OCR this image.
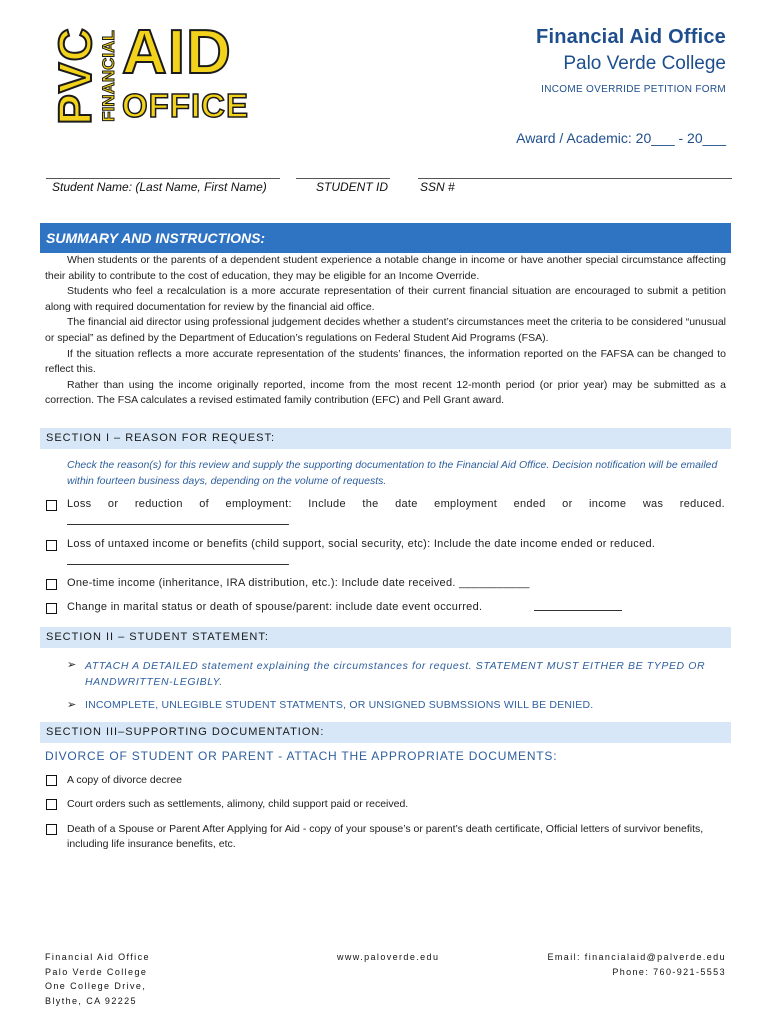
PVC
FINANCIAL AID
OFFICE
Financial Aid Office
Palo Verde College
INCOME OVERRIDE PETITION FORM
Award / Academic: 20___ - 20___
Student Name: (Last Name, First Name)	STUDENT ID	SSN #
SUMMARY AND INSTRUCTIONS:

When students or the parents of a dependent student experience a notable change in income or have another special circumstance affecting their ability to contribute to the cost of education, they may be eligible for an Income Override.

Students who feel a recalculation is a more accurate representation of their current financial situation are encouraged to submit a petition along with required documentation for review by the financial aid office.

The financial aid director using professional judgement decides whether a student’s circumstances meet the criteria to be considered “unusual or special” as defined by the Department of Education’s regulations on Federal Student Aid Programs (FSA).

If the situation reflects a more accurate representation of the students’ finances, the information reported on the FAFSA can be changed to reflect this.

Rather than using the income originally reported, income from the most recent 12-month period (or prior year) may be submitted as a correction. The FSA calculates a revised estimated family contribution (EFC) and Pell Grant award.

SECTION I – REASON FOR REQUEST:
Check the reason(s) for this review and supply the supporting documentation to the Financial Aid Office. Decision notification will be emailed within fourteen business days, depending on the volume of requests.
Loss or reduction of employment: Include the date employment ended or income was reduced.
Loss of untaxed income or benefits (child support, social security, etc): Include the date income ended or reduced.
One-time income (inheritance, IRA distribution, etc.): Include date received. ___________
Change in marital status or death of spouse/parent: include date event occurred.
SECTION II – STUDENT STATEMENT:
➢ ATTACH A DETAILED statement explaining the circumstances for request. STATEMENT MUST EITHER BE TYPED OR HANDWRITTEN-LEGIBLY.
➢ INCOMPLETE, UNLEGIBLE STUDENT STATMENTS, OR UNSIGNED SUBMSSIONS WILL BE DENIED.
SECTION III–SUPPORTING DOCUMENTATION:
DIVORCE OF STUDENT OR PARENT - ATTACH THE APPROPRIATE DOCUMENTS:
A copy of divorce decree
Court orders such as settlements, alimony, child support paid or received.
Death of a Spouse or Parent After Applying for Aid - copy of your spouse’s or parent’s death certificate, Official letters of survivor benefits, including life insurance benefits, etc.
Financial Aid Office
Palo Verde College
One College Drive,
Blythe, CA 92225
www.paloverde.edu	Email: financialaid@palverde.edu
Phone: 760-921-5553
